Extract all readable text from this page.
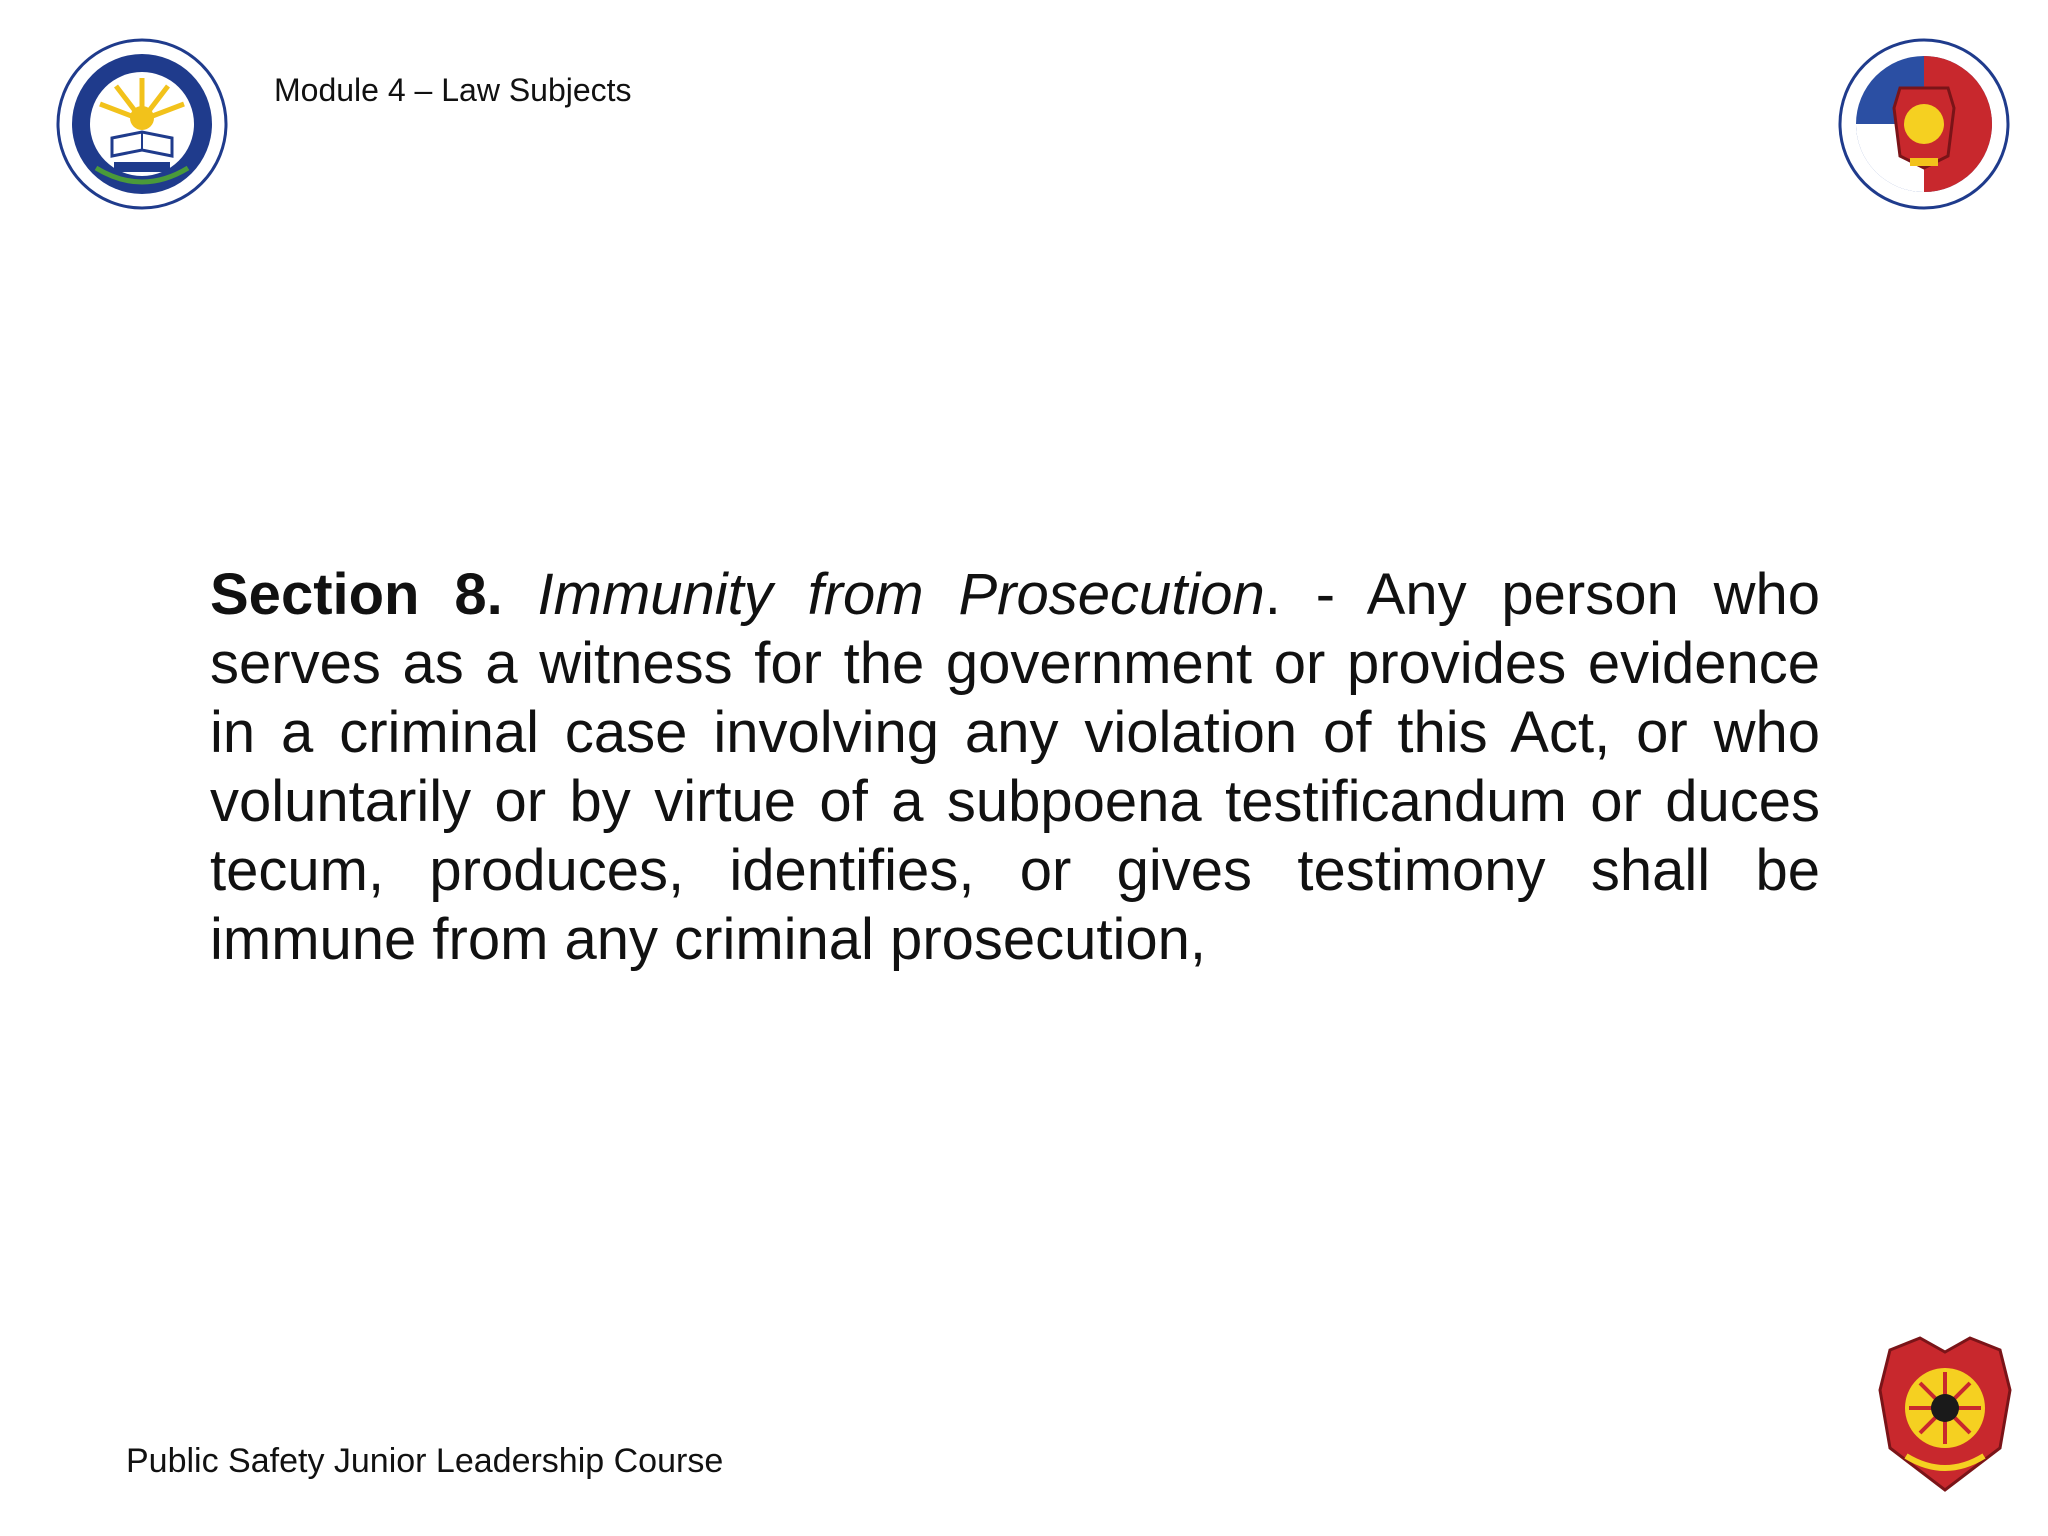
Module 4 – Law Subjects
Section 8. Immunity from Prosecution. - Any person who serves as a witness for the government or provides evidence in a criminal case involving any violation of this Act, or who voluntarily or by virtue of a subpoena testificandum or duces tecum, produces, identifies, or gives testimony shall be immune from any criminal prosecution,
Public Safety Junior Leadership Course
